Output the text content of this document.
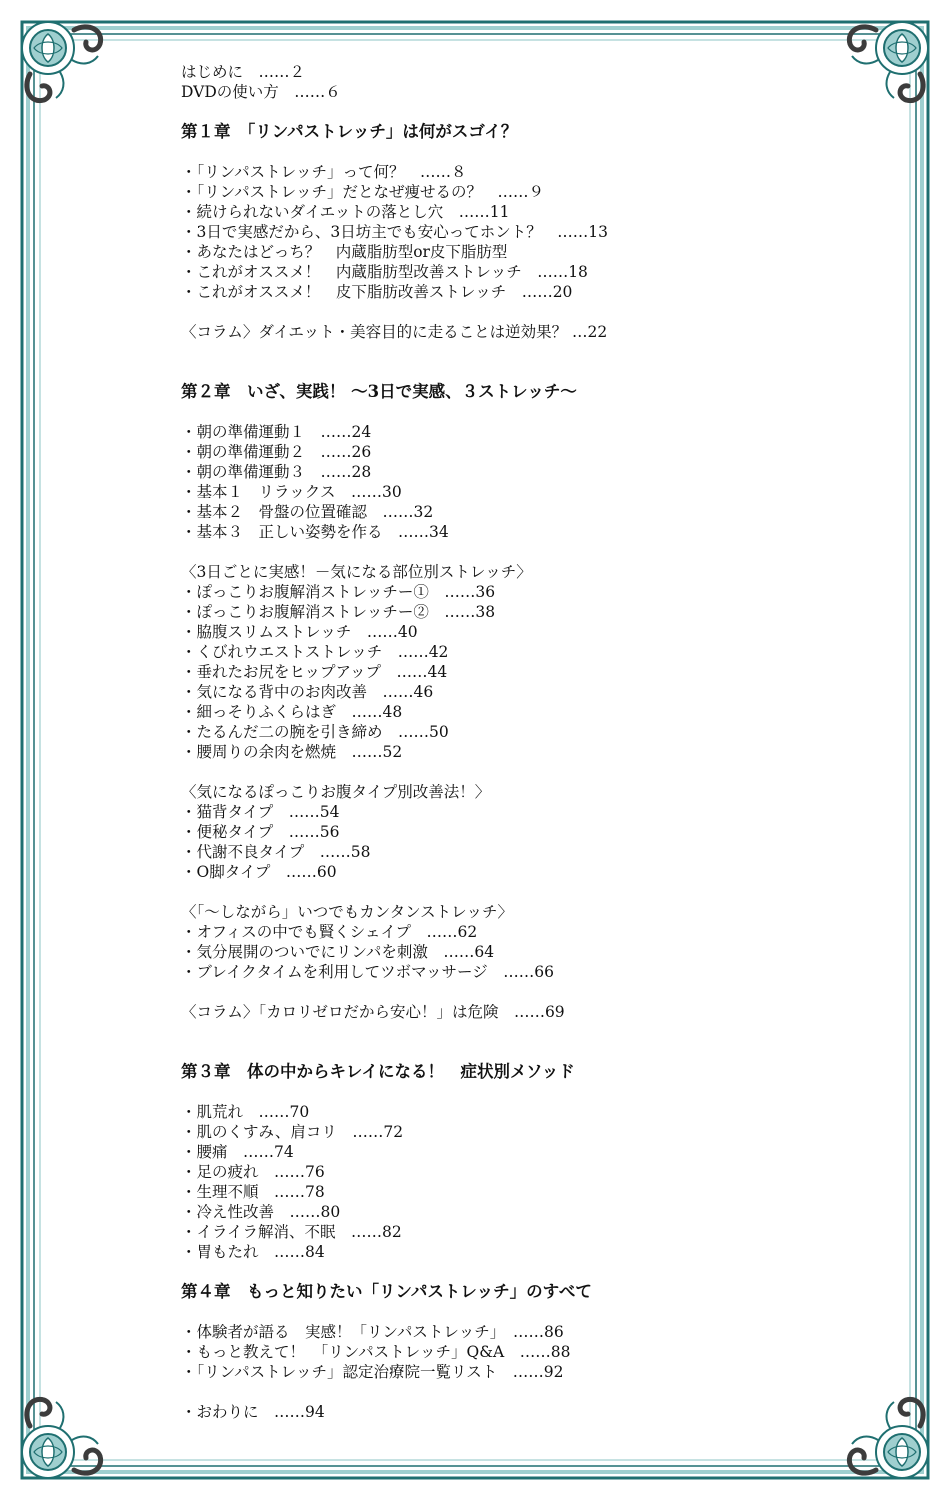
はじめに　……２
DVDの使い方　……６
第１章　「リンパストレッチ」は何がスゴイ？
・「リンパストレッチ」って何？　……８
・「リンパストレッチ」だとなぜ痩せるの？　……９
・続けられないダイエットの落とし穴　……11
・3日で実感だから、3日坊主でも安心ってホント？　……13
・あなたはどっち？　内蔵脂肪型or皮下脂肪型
・これがオススメ！　内蔵脂肪型改善ストレッチ　……18
・これがオススメ！　皮下脂肪改善ストレッチ　……20
〈コラム〉ダイエット・美容目的に走ることは逆効果？ …22
第２章　いざ、実践！ ～3日で実感、３ストレッチ～
・朝の準備運動１　……24
・朝の準備運動２　……26
・朝の準備運動３　……28
・基本１　リラックス　……30
・基本２　骨盤の位置確認　……32
・基本３　正しい姿勢を作る　……34
〈3日ごとに実感！－気になる部位別ストレッチ〉
・ぽっこりお腹解消ストレッチー①　……36
・ぽっこりお腹解消ストレッチー②　……38
・脇腹スリムストレッチ　……40
・くびれウエストストレッチ　……42
・垂れたお尻をヒップアップ　……44
・気になる背中のお肉改善　……46
・細っそりふくらはぎ　……48
・たるんだ二の腕を引き締め　……50
・腰周りの余肉を燃焼　……52
〈気になるぽっこりお腹タイプ別改善法！〉
・猫背タイプ　……54
・便秘タイプ　……56
・代謝不良タイプ　……58
・O脚タイプ　……60
〈「～しながら」いつでもカンタンストレッチ〉
・オフィスの中でも賢くシェイプ　……62
・気分展開のついでにリンパを刺激　……64
・ブレイクタイムを利用してツボマッサージ　……66
〈コラム〉「カロリゼロだから安心！」は危険　……69
第３章　体の中からキレイになる！　症状別メソッド
・肌荒れ　……70
・肌のくすみ、肩コリ　……72
・腰痛　……74
・足の疲れ　……76
・生理不順　……78
・冷え性改善　……80
・イライラ解消、不眠　……82
・胃もたれ　……84
第４章　もっと知りたい「リンパストレッチ」のすべて
・体験者が語る　実感！「リンパストレッチ」　……86
・もっと教えて！　「リンパストレッチ」Q&A　……88
・「リンパストレッチ」認定治療院一覧リスト　……92
・おわりに　……94
